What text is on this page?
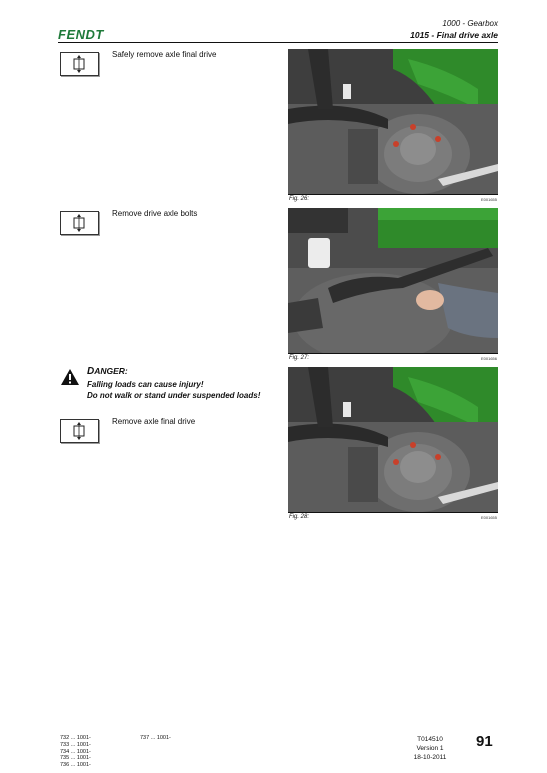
FENDT
1000 - Gearbox
1015 - Final drive axle
Safely remove axle final drive
Remove drive axle bolts
DANGER:
Falling loads can cause injury!
Do not walk or stand under suspended loads!
Remove axle final drive
Fig. 26:	E001655
Fig. 27:	E001656
Fig. 28:	E001655
732 ... 1001-
733 ... 1001-
734 ... 1001-
735 ... 1001-
736 ... 1001-
737 ... 1001-	T014510
Version 1
18-10-2011
91
